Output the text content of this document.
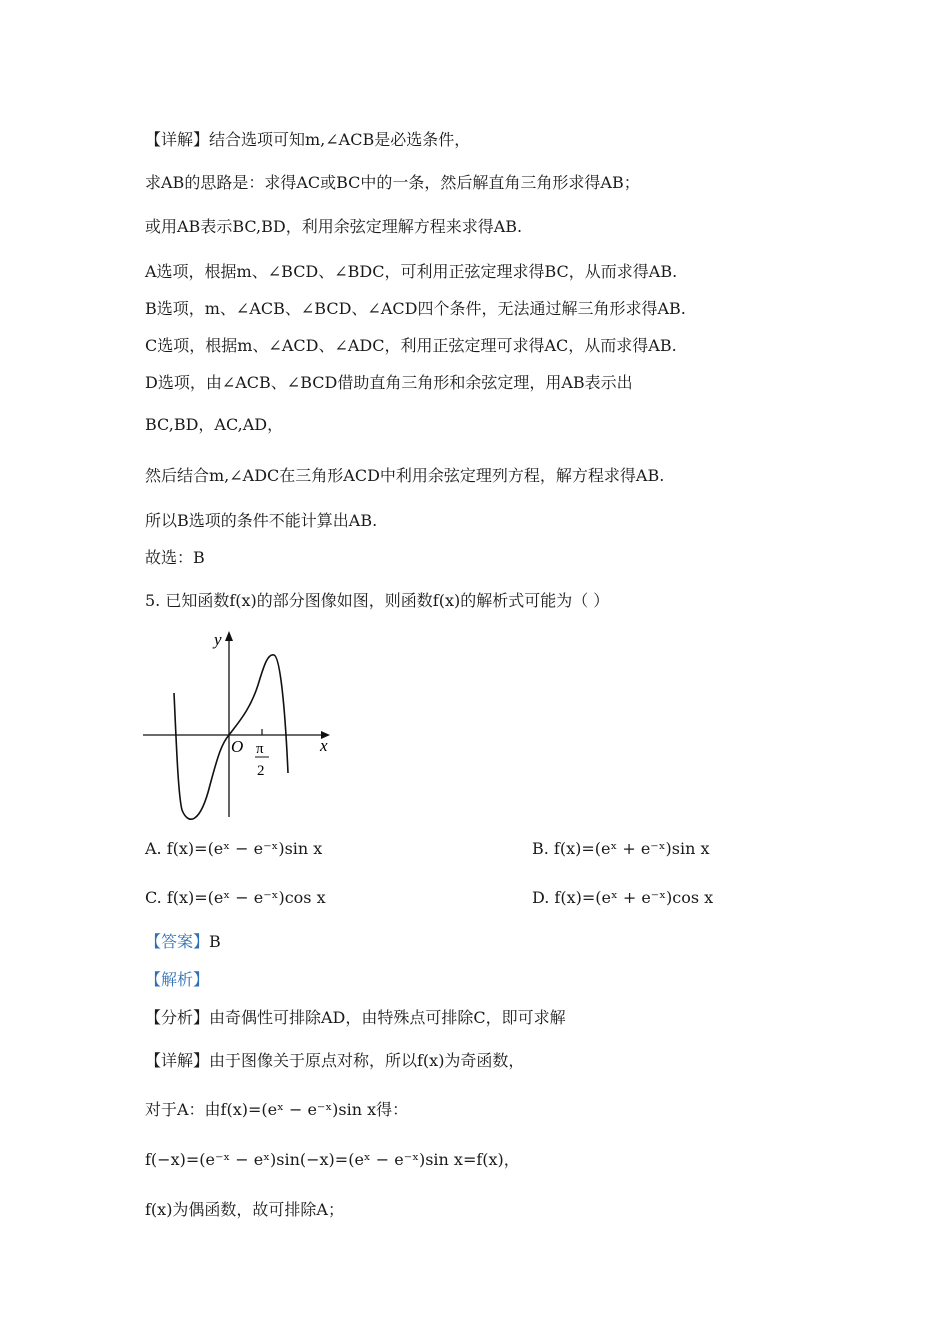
【详解】结合选项可知m,∠ACB是必选条件，
求AB的思路是：求得AC或BC中的一条，然后解直角三角形求得AB；
或用AB表示BC,BD，利用余弦定理解方程来求得AB.
A选项，根据m、∠BCD、∠BDC，可利用正弦定理求得BC，从而求得AB.
B选项，m、∠ACB、∠BCD、∠ACD四个条件，无法通过解三角形求得AB.
C选项，根据m、∠ACD、∠ADC，利用正弦定理可求得AC，从而求得AB.
D选项，由∠ACB、∠BCD借助直角三角形和余弦定理，用AB表示出
BC,BD，AC,AD，
然后结合m,∠ADC在三角形ACD中利用余弦定理列方程，解方程求得AB.
所以B选项的条件不能计算出AB.
故选：B
5. 已知函数f(x)的部分图像如图，则函数f(x)的解析式可能为（ ）
y
x
O π
2
A. f(x)=(eˣ − e⁻ˣ)sin x	B. f(x)=(eˣ + e⁻ˣ)sin x
C. f(x)=(eˣ − e⁻ˣ)cos x	D. f(x)=(eˣ + e⁻ˣ)cos x
【答案】B
【解析】
【分析】由奇偶性可排除AD，由特殊点可排除C，即可求解
【详解】由于图像关于原点对称，所以f(x)为奇函数，
对于A：由f(x)=(eˣ − e⁻ˣ)sin x得：
f(−x)=(e⁻ˣ − eˣ)sin(−x)=(eˣ − e⁻ˣ)sin x=f(x)，
f(x)为偶函数，故可排除A；
